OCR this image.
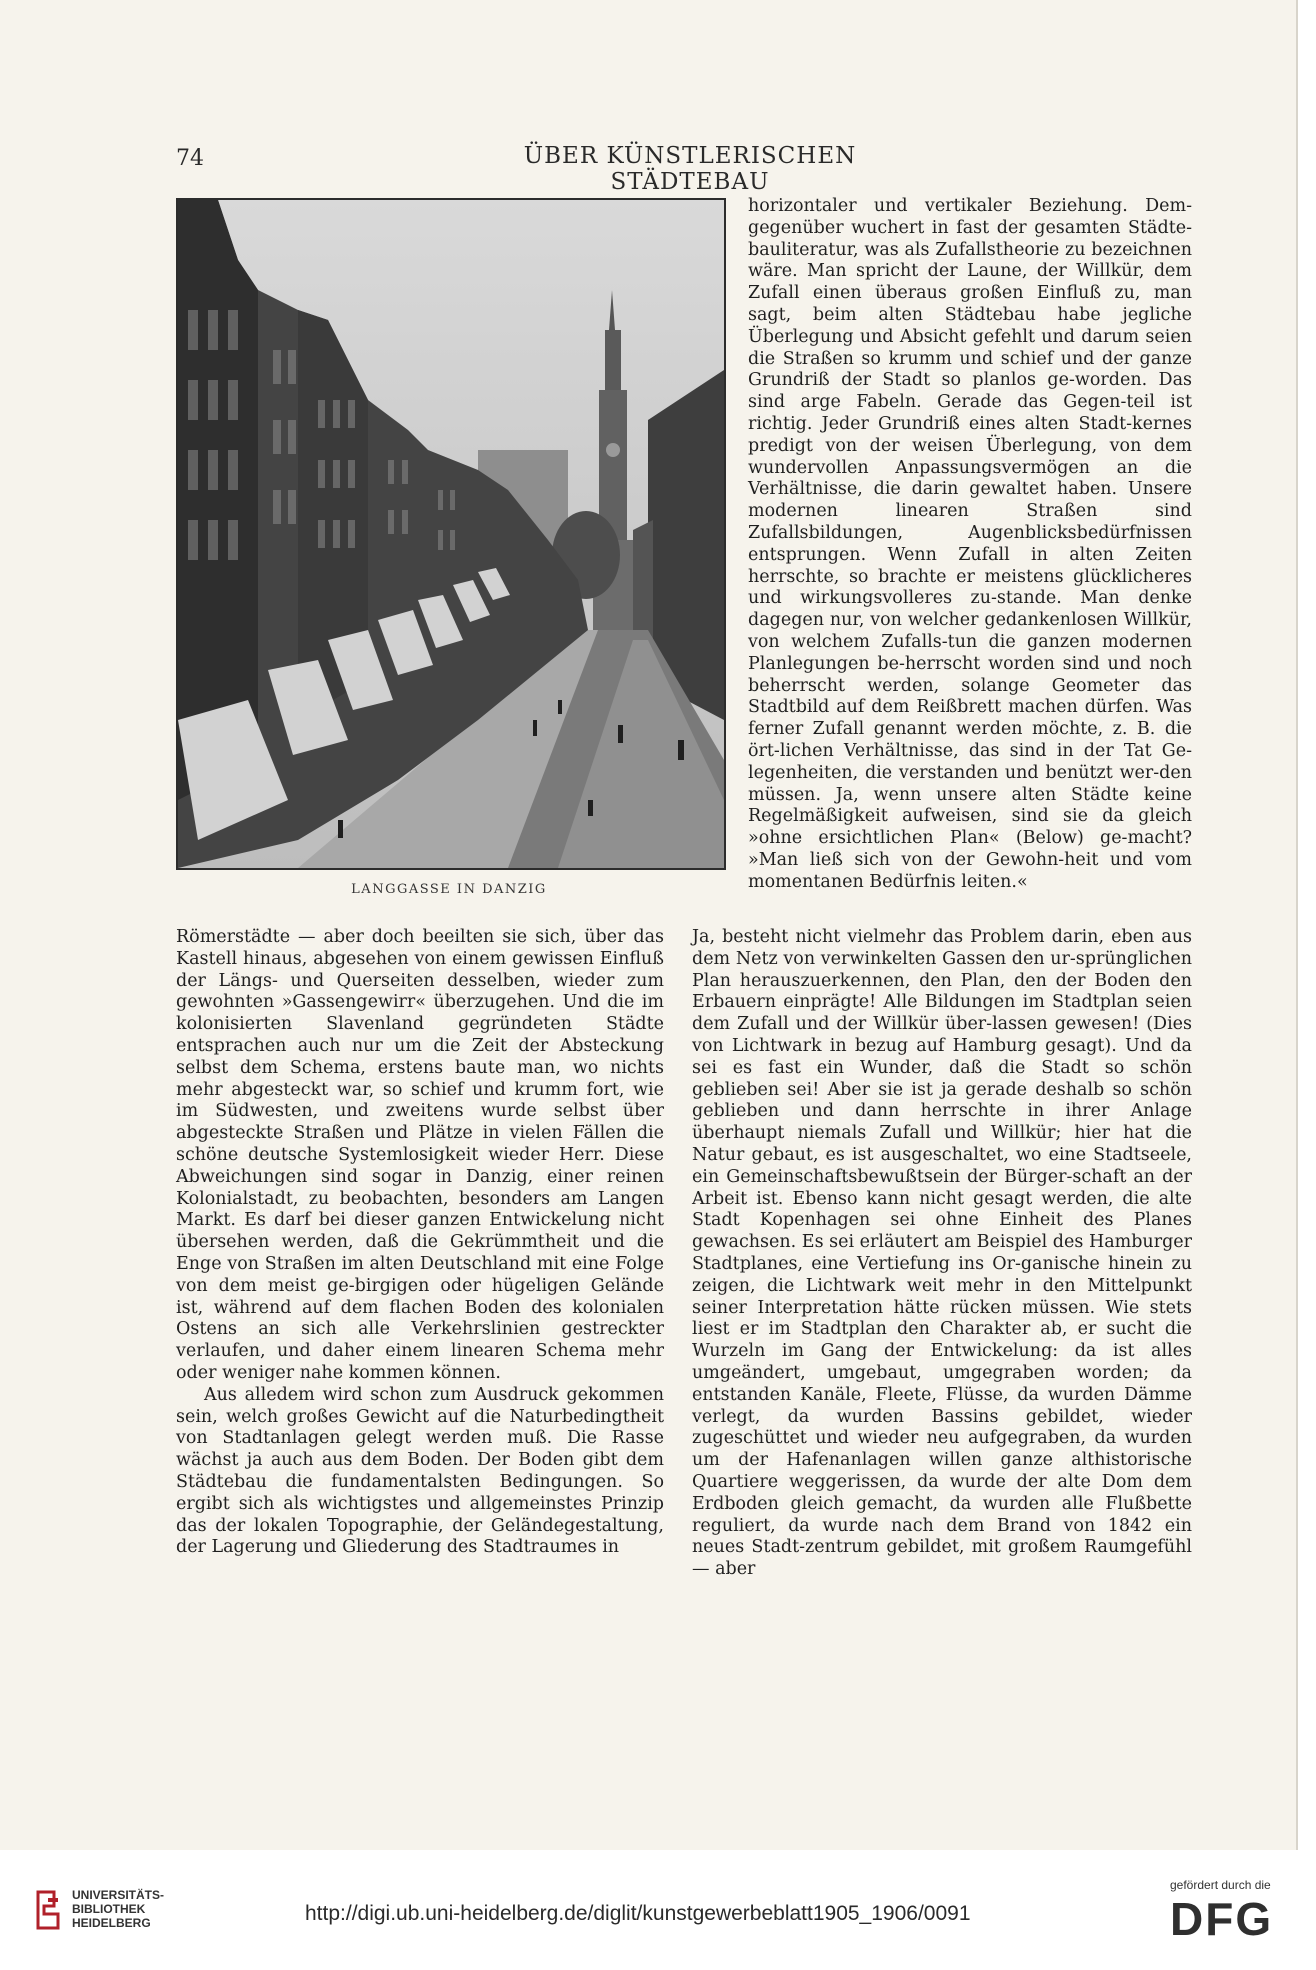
74	ÜBER KÜNSTLERISCHEN STÄDTEBAU
LANGGASSE IN DANZIG

horizontaler und vertikaler Beziehung. Dem-gegenüber wuchert in fast der gesamten Städte-bauliteratur, was als Zufallstheorie zu bezeichnen wäre. Man spricht der Laune, der Willkür, dem Zufall einen überaus großen Einfluß zu, man sagt, beim alten Städtebau habe jegliche Überlegung und Absicht gefehlt und darum seien die Straßen so krumm und schief und der ganze Grundriß der Stadt so planlos ge-worden. Das sind arge Fabeln. Gerade das Gegen-teil ist richtig. Jeder Grundriß eines alten Stadt-kernes predigt von der weisen Überlegung, von dem wundervollen Anpassungsvermögen an die Verhältnisse, die darin gewaltet haben. Unsere modernen linearen Straßen sind Zufallsbildungen, Augenblicksbedürfnissen entsprungen. Wenn Zufall in alten Zeiten herrschte, so brachte er meistens glücklicheres und wirkungsvolleres zu-stande. Man denke dagegen nur, von welcher gedankenlosen Willkür, von welchem Zufalls-tun die ganzen modernen Planlegungen be-herrscht worden sind und noch beherrscht werden, solange Geometer das Stadtbild auf dem Reißbrett machen dürfen. Was ferner Zufall genannt werden möchte, z. B. die ört-lichen Verhältnisse, das sind in der Tat Ge-legenheiten, die verstanden und benützt wer-den müssen. Ja, wenn unsere alten Städte keine Regelmäßigkeit aufweisen, sind sie da gleich »ohne ersichtlichen Plan« (Below) ge-macht? »Man ließ sich von der Gewohn-heit und vom momentanen Bedürfnis leiten.«

Römerstädte — aber doch beeilten sie sich, über das Kastell hinaus, abgesehen von einem gewissen Einfluß der Längs- und Querseiten desselben, wieder zum gewohnten »Gassengewirr« überzugehen. Und die im kolonisierten Slavenland gegründeten Städte entsprachen auch nur um die Zeit der Absteckung selbst dem Schema, erstens baute man, wo nichts mehr abgesteckt war, so schief und krumm fort, wie im Südwesten, und zweitens wurde selbst über abgesteckte Straßen und Plätze in vielen Fällen die schöne deutsche Systemlosigkeit wieder Herr. Diese Abweichungen sind sogar in Danzig, einer reinen Kolonialstadt, zu beobachten, besonders am Langen Markt. Es darf bei dieser ganzen Entwickelung nicht übersehen werden, daß die Gekrümmtheit und die Enge von Straßen im alten Deutschland mit eine Folge von dem meist ge-birgigen oder hügeligen Gelände ist, während auf dem flachen Boden des kolonialen Ostens an sich alle Verkehrslinien gestreckter verlaufen, und daher einem linearen Schema mehr oder weniger nahe kommen können.

Aus alledem wird schon zum Ausdruck gekommen sein, welch großes Gewicht auf die Naturbedingtheit von Stadtanlagen gelegt werden muß. Die Rasse wächst ja auch aus dem Boden. Der Boden gibt dem Städtebau die fundamentalsten Bedingungen. So ergibt sich als wichtigstes und allgemeinstes Prinzip das der lokalen Topographie, der Geländegestaltung, der Lagerung und Gliederung des Stadtraumes in

Ja, besteht nicht vielmehr das Problem darin, eben aus dem Netz von verwinkelten Gassen den ur-sprünglichen Plan herauszuerkennen, den Plan, den der Boden den Erbauern einprägte! Alle Bildungen im Stadtplan seien dem Zufall und der Willkür über-lassen gewesen! (Dies von Lichtwark in bezug auf Hamburg gesagt). Und da sei es fast ein Wunder, daß die Stadt so schön geblieben sei! Aber sie ist ja gerade deshalb so schön geblieben und dann herrschte in ihrer Anlage überhaupt niemals Zufall und Willkür; hier hat die Natur gebaut, es ist ausgeschaltet, wo eine Stadtseele, ein Gemeinschaftsbewußtsein der Bürger-schaft an der Arbeit ist. Ebenso kann nicht gesagt werden, die alte Stadt Kopenhagen sei ohne Einheit des Planes gewachsen. Es sei erläutert am Beispiel des Hamburger Stadtplanes, eine Vertiefung ins Or-ganische hinein zu zeigen, die Lichtwark weit mehr in den Mittelpunkt seiner Interpretation hätte rücken müssen. Wie stets liest er im Stadtplan den Charakter ab, er sucht die Wurzeln im Gang der Entwickelung: da ist alles umgeändert, umgebaut, umgegraben worden; da entstanden Kanäle, Fleete, Flüsse, da wurden Dämme verlegt, da wurden Bassins gebildet, wieder zugeschüttet und wieder neu aufgegraben, da wurden um der Hafenanlagen willen ganze althistorische Quartiere weggerissen, da wurde der alte Dom dem Erdboden gleich gemacht, da wurden alle Flußbette reguliert, da wurde nach dem Brand von 1842 ein neues Stadt-zentrum gebildet, mit großem Raumgefühl — aber

UNIVERSITÄTS-
BIBLIOTHEK
HEIDELBERG	http://digi.ub.uni-heidelberg.de/diglit/kunstgewerbeblatt1905_1906/0091
gefördert durch die
DFG
